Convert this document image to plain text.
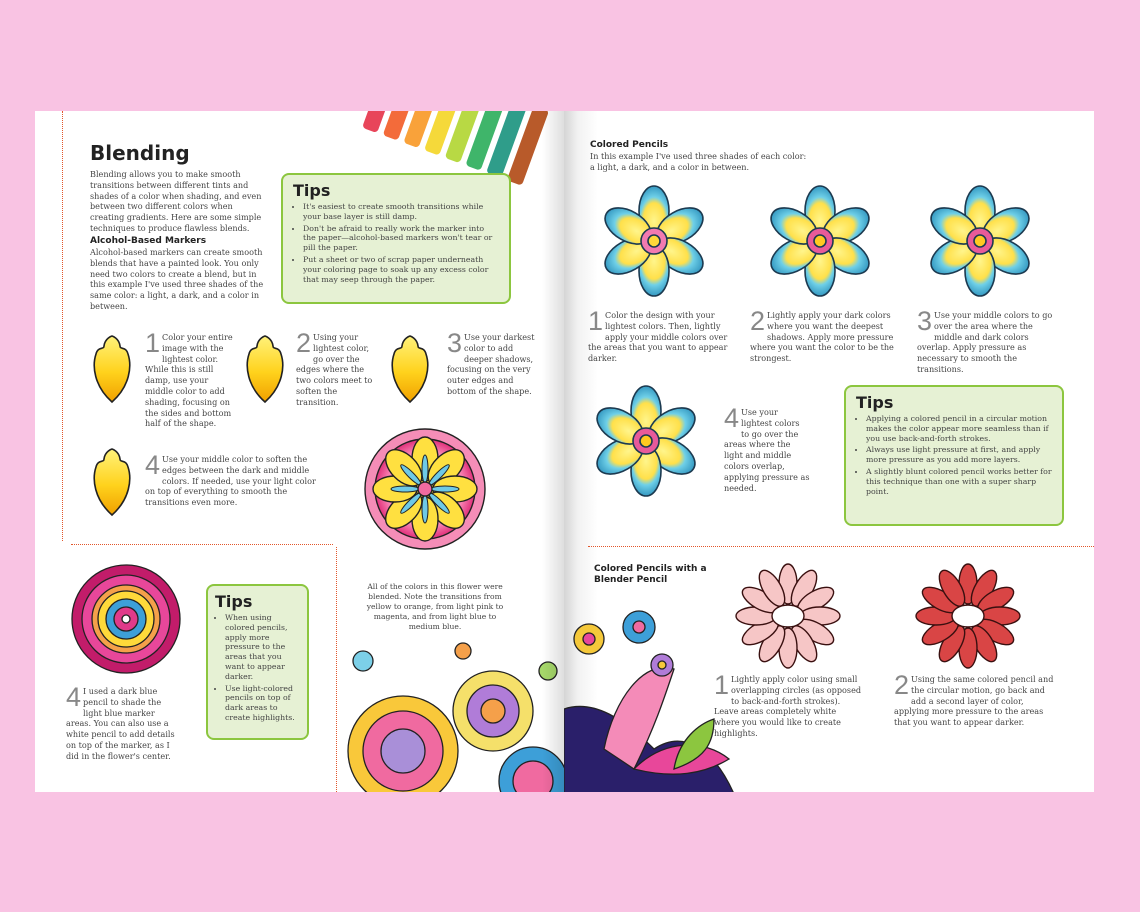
Blending
Blending allows you to make smooth transitions between different tints and shades of a color when shading, and even between two different colors when creating gradients. Here are some simple techniques to produce flawless blends.
Alcohol-Based Markers
Alcohol-based markers can create smooth blends that have a painted look. You only need two colors to create a blend, but in this example I've used three shades of the same color: a light, a dark, and a color in between.
Tips
• It's easiest to create smooth transitions while your base layer is still damp.
• Don't be afraid to really work the marker into the paper—alcohol-based markers won't tear or pill the paper.
• Put a sheet or two of scrap paper underneath your coloring page to soak up any excess color that may seep through the paper.
1 Color your entire image with the lightest color. While this is still damp, use your middle color to add shading, focusing on the sides and bottom half of the shape.
2 Using your lightest color, go over the edges where the two colors meet to soften the transition.
3 Use your darkest color to add deeper shadows, focusing on the very outer edges and bottom of the shape.
4 Use your middle color to soften the edges between the dark and middle colors. If needed, use your light color on top of everything to smooth the transitions even more.
All of the colors in this flower were blended. Note the transitions from yellow to orange, from light pink to magenta, and from light blue to medium blue.
4 I used a dark blue pencil to shade the light blue marker areas. You can also use a white pencil to add details on top of the marker, as I did in the flower's center.
Tips
• When using colored pencils, apply more pressure to the areas that you want to appear darker.
• Use light-colored pencils on top of dark areas to create highlights.
Colored Pencils
In this example I've used three shades of each color: a light, a dark, and a color in between.
1 Color the design with your lightest colors. Then, lightly apply your middle colors over the areas that you want to appear darker.
2 Lightly apply your dark colors where you want the deepest shadows. Apply more pressure where you want the color to be the strongest.
3 Use your middle colors to go over the area where the middle and dark colors overlap. Apply pressure as necessary to smooth the transitions.
4 Use your lightest colors to go over the areas where the light and middle colors overlap, applying pressure as needed.
Tips
• Applying a colored pencil in a circular motion makes the color appear more seamless than if you use back-and-forth strokes.
• Always use light pressure at first, and apply more pressure as you add more layers.
• A slightly blunt colored pencil works better for this technique than one with a super sharp point.
Colored Pencils with a Blender Pencil
1 Lightly apply color using small overlapping circles (as opposed to back-and-forth strokes). Leave areas completely white where you would like to create highlights.
2 Using the same colored pencil and the circular motion, go back and add a second layer of color, applying more pressure to the areas that you want to appear darker.
